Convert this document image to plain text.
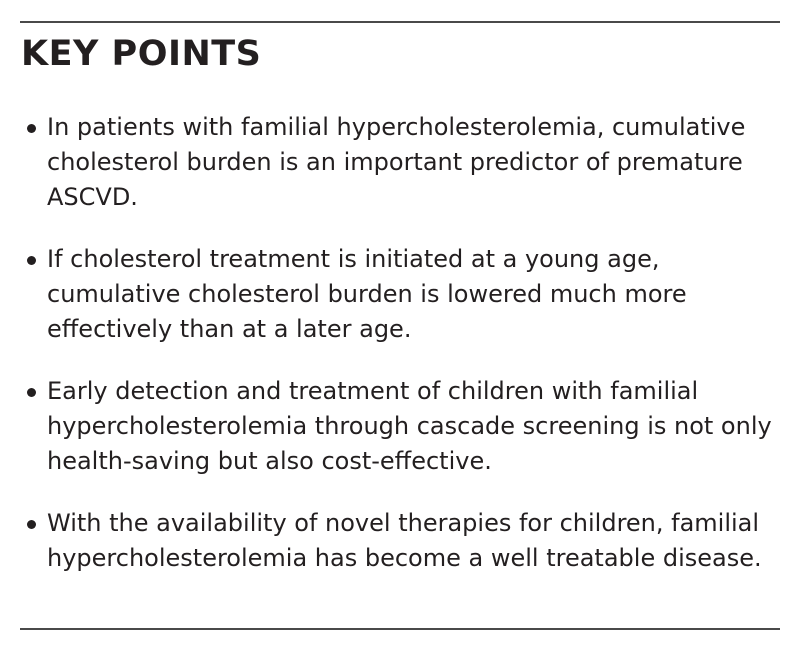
KEY POINTS
In patients with familial hypercholesterolemia, cumulative cholesterol burden is an important predictor of premature ASCVD.
If cholesterol treatment is initiated at a young age, cumulative cholesterol burden is lowered much more effectively than at a later age.
Early detection and treatment of children with familial hypercholesterolemia through cascade screening is not only health-saving but also cost-effective.
With the availability of novel therapies for children, familial hypercholesterolemia has become a well treatable disease.
